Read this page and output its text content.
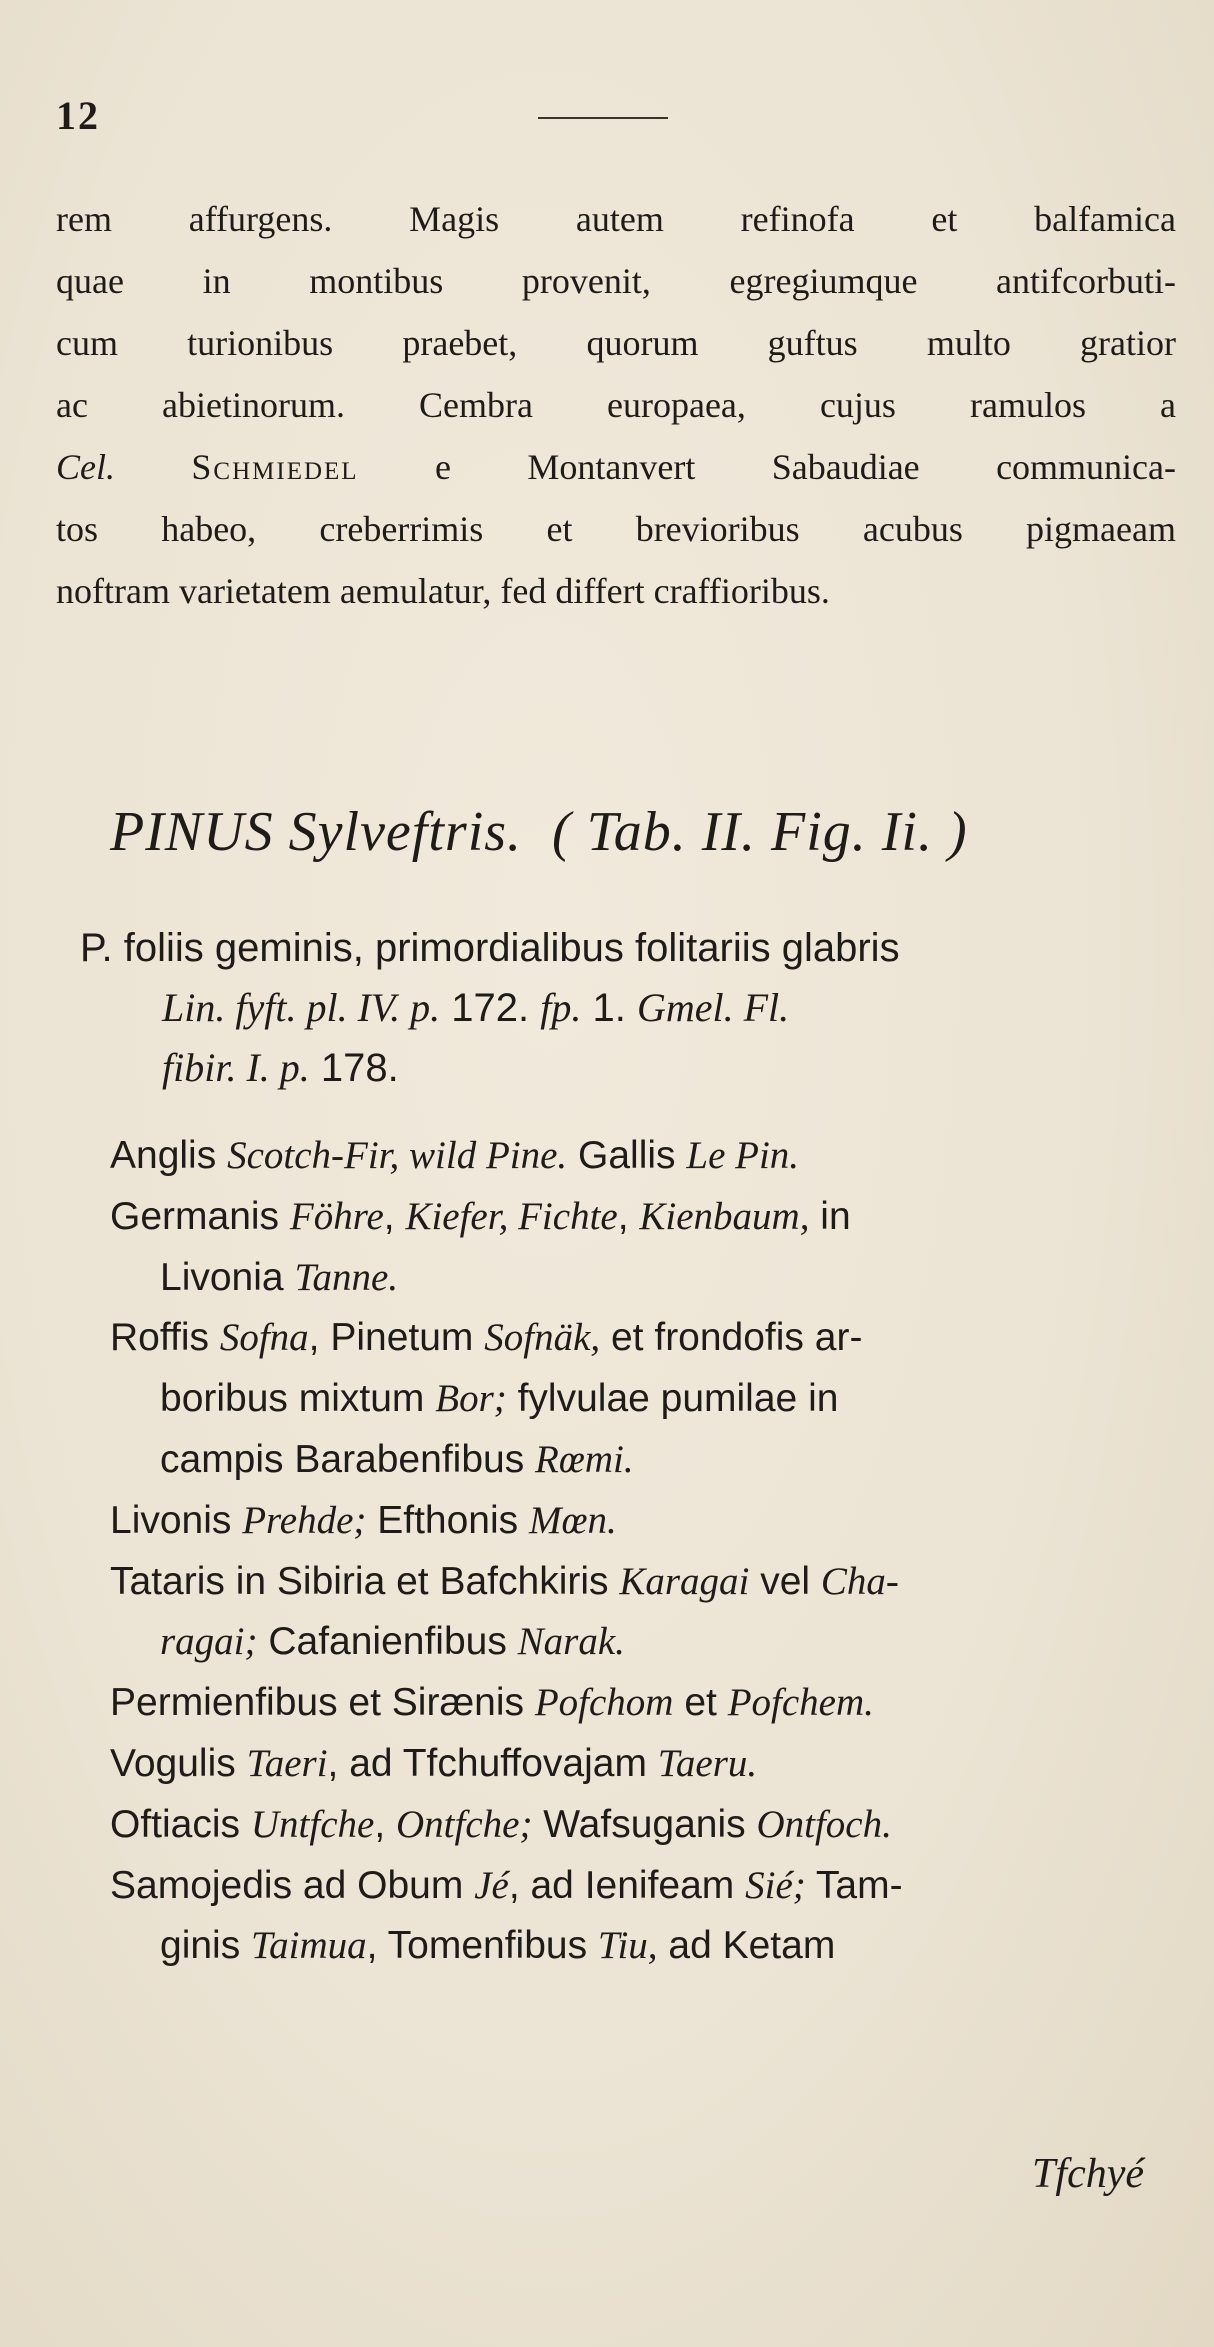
12

rem affurgens. Magis autem refinofa et balfamica
quae in montibus provenit, egregiumque antifcorbuti-
cum turionibus praebet, quorum guftus multo gratior
ac abietinorum. Cembra europaea, cujus ramulos a
Cel. Schmiedel e Montanvert Sabaudiae communica-
tos habeo, creberrimis et brevioribus acubus pigmaeam
noftram varietatem aemulatur, fed differt craffioribus.

PINUS Sylveftris. ( Tab. II. Fig. Ii. )
P. foliis geminis, primordialibus folitariis glabris
Lin. fyft. pl. IV. p. 172. fp. 1. Gmel. Fl.
fibir. I. p. 178.
Anglis Scotch-Fir, wild Pine. Gallis Le Pin.
Germanis Föhre, Kiefer, Fichte, Kienbaum, in
Livonia Tanne.
Roffis Sofna, Pinetum Sofnäk, et frondofis ar-
boribus mixtum Bor; fylvulae pumilae in
campis Barabenfibus Rœmi.
Livonis Prehde; Efthonis Mœn.
Tataris in Sibiria et Bafchkiris Karagai vel Cha-
ragai; Cafanienfibus Narak.
Permienfibus et Sirænis Pofchom et Pofchem.
Vogulis Taeri, ad Tfchuffovajam Taeru.
Oftiacis Untfche, Ontfche; Wafsuganis Ontfoch.
Samojedis ad Obum Jé, ad Ienifeam Sié; Tam-
ginis Taimua, Tomenfibus Tiu, ad Ketam
Tfchyé
